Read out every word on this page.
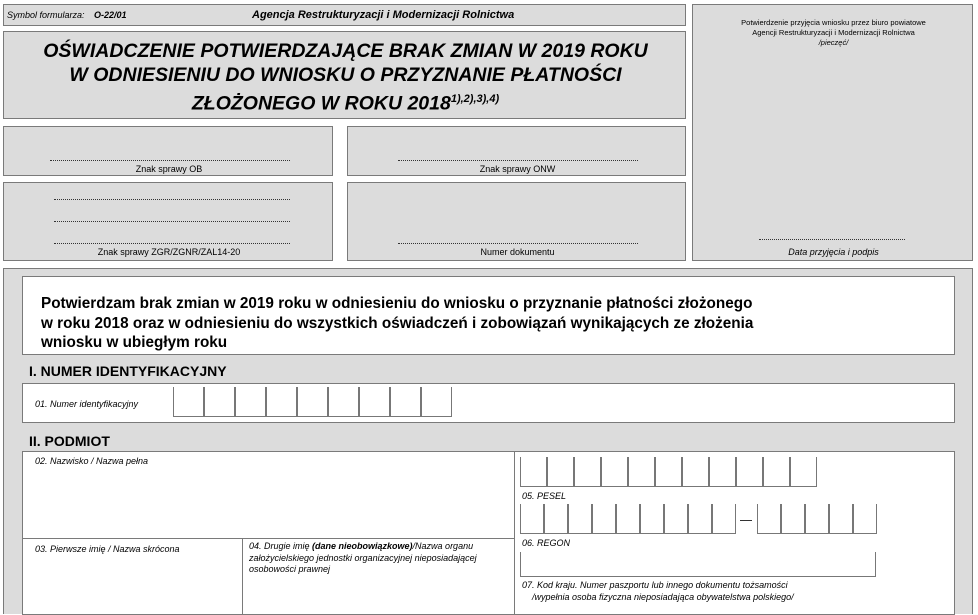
Symbol formularza: O-22/01	Agencja Restrukturyzacji i Modernizacji Rolnictwa
OŚWIADCZENIE POTWIERDZAJĄCE BRAK ZMIAN W 2019 ROKU
W ODNIESIENIU DO WNIOSKU O PRZYZNANIE PŁATNOŚCI
ZŁOŻONEGO W ROKU $2018^{1),2),3),4)}$
Znak sprawy OB	Znak sprawy ONW
Znak sprawy ZGR/ZGNR/ZAL14-20	Numer dokumentu
Potwierdzenie przyjęcia wniosku przez biuro powiatowe
Agencji Restrukturyzacji i Modernizacji Rolnictwa
/pieczęć/
Data przyjęcia i podpis
Potwierdzam brak zmian w 2019 roku w odniesieniu do wniosku o przyznanie płatności złożonego
w roku 2018 oraz w odniesieniu do wszystkich oświadczeń i zobowiązań wynikających ze złożenia
wniosku w ubiegłym roku
I. NUMER IDENTYFIKACYJNY
01. Numer identyfikacyjny
II. PODMIOT
02. Nazwisko / Nazwa pełna
03. Pierwsze imię / Nazwa skrócona	04. Drugie imię (dane nieobowiązkowe)/Nazwa organu założycielskiego jednostki organizacyjnej nieposiadającej osobowości prawnej
05. PESEL
06. REGON
07. Kod kraju. Numer paszportu lub innego dokumentu tożsamości
/wypełnia osoba fizyczna nieposiadająca obywatelstwa polskiego/
